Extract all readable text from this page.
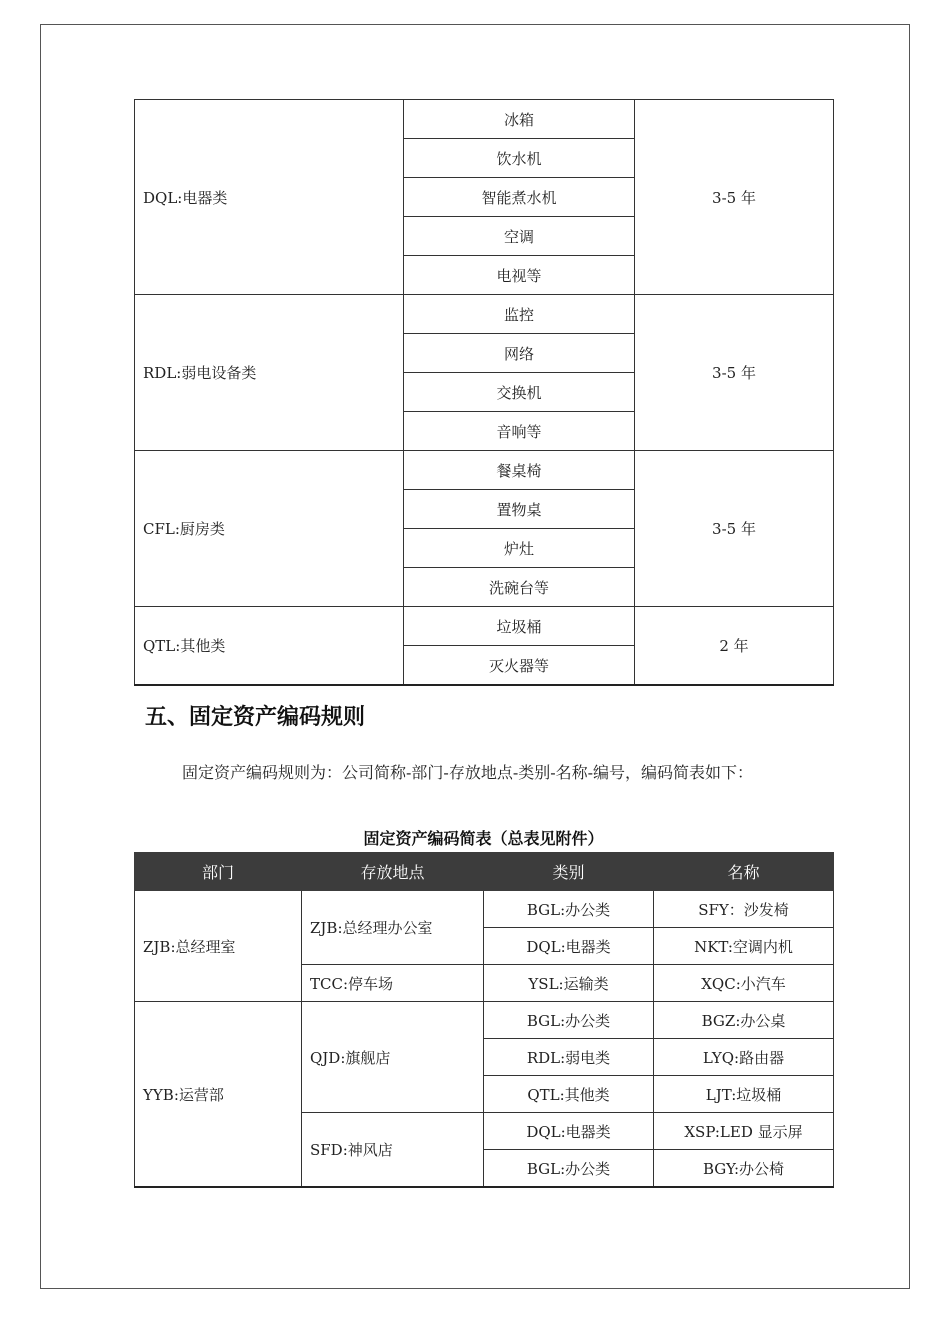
DQL:电器类	冰箱	3-5 年
	饮水机	
	智能煮水机	
	空调	
	电视等	
RDL:弱电设备类	监控	3-5 年
	网络	
	交换机	
	音响等	
CFL:厨房类	餐桌椅	3-5 年
	置物桌	
	炉灶	
	洗碗台等	
QTL:其他类	垃圾桶	2 年
	灭火器等	
五、固定资产编码规则

固定资产编码规则为：公司简称-部门-存放地点-类别-名称-编号，编码简表如下：

固定资产编码简表（总表见附件）
部门	存放地点	类别	名称
ZJB:总经理室	ZJB:总经理办公室	BGL:办公类	SFY：沙发椅
		DQL:电器类	NKT:空调内机
	TCC:停车场	YSL:运输类	XQC:小汽车
YYB:运营部	QJD:旗舰店	BGL:办公类	BGZ:办公桌
		RDL:弱电类	LYQ:路由器
		QTL:其他类	LJT:垃圾桶
	SFD:神风店	DQL:电器类	XSP:LED 显示屏
		BGL:办公类	BGY:办公椅
